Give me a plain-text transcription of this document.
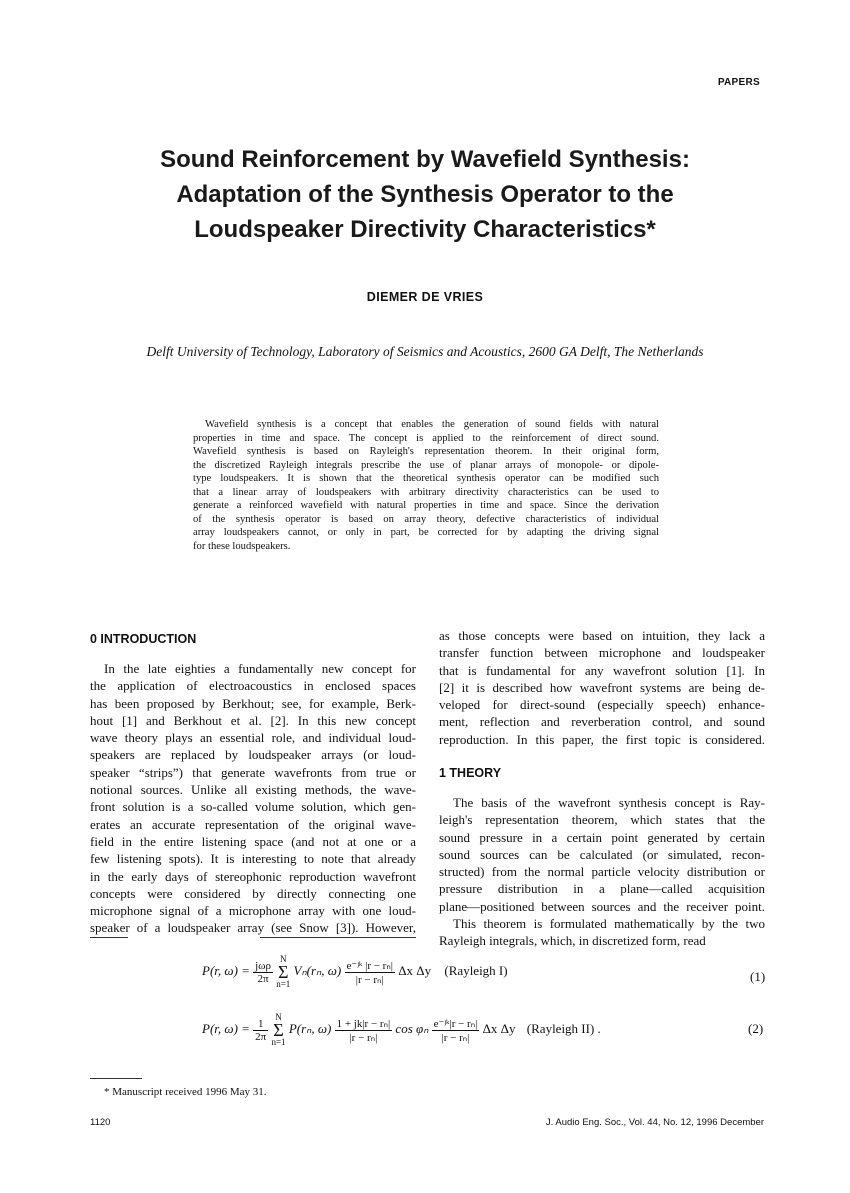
PAPERS
Sound Reinforcement by Wavefield Synthesis:
Adaptation of the Synthesis Operator to the
Loudspeaker Directivity Characteristics*
DIEMER DE VRIES
Delft University of Technology, Laboratory of Seismics and Acoustics, 2600 GA Delft, The Netherlands
Wavefield synthesis is a concept that enables the generation of sound fields with natural
properties in time and space. The concept is applied to the reinforcement of direct sound.
Wavefield synthesis is based on Rayleigh's representation theorem. In their original form,
the discretized Rayleigh integrals prescribe the use of planar arrays of monopole- or dipole-
type loudspeakers. It is shown that the theoretical synthesis operator can be modified such
that a linear array of loudspeakers with arbitrary directivity characteristics can be used to
generate a reinforced wavefield with natural properties in time and space. Since the derivation
of the synthesis operator is based on array theory, defective characteristics of individual
array loudspeakers cannot, or only in part, be corrected for by adapting the driving signal
for these loudspeakers.
0 INTRODUCTION
In the late eighties a fundamentally new concept for
the application of electroacoustics in enclosed spaces
has been proposed by Berkhout; see, for example, Berk-
hout [1] and Berkhout et al. [2]. In this new concept
wave theory plays an essential role, and individual loud-
speakers are replaced by loudspeaker arrays (or loud-
speaker “strips”) that generate wavefronts from true or
notional sources. Unlike all existing methods, the wave-
front solution is a so-called volume solution, which gen-
erates an accurate representation of the original wave-
field in the entire listening space (and not at one or a
few listening spots). It is interesting to note that already
in the early days of stereophonic reproduction wavefront
concepts were considered by directly connecting one
microphone signal of a microphone array with one loud-
speaker of a loudspeaker array (see Snow [3]). However,
as those concepts were based on intuition, they lack a
transfer function between microphone and loudspeaker
that is fundamental for any wavefront solution [1]. In
[2] it is described how wavefront systems are being de-
veloped for direct-sound (especially speech) enhance-
ment, reflection and reverberation control, and sound
reproduction. In this paper, the first topic is considered.
1 THEORY
The basis of the wavefront synthesis concept is Ray-
leigh's representation theorem, which states that the
sound pressure in a certain point generated by certain
sound sources can be calculated (or simulated, recon-
structed) from the normal particle velocity distribution or
pressure distribution in a plane—called acquisition
plane—positioned between sources and the receiver point.
This theorem is formulated mathematically by the two
Rayleigh integrals, which, in discretized form, read
P(r, $\omega) = \frac{\text{jωρ}}{2\pi}$
N
Σ
n=1 Vₙ(rₙ, $\omega) \frac{\text{e⁻ʲᵏ |r − rₙ|}}{\text{|r − rₙ|}}$ Δx Δy (Rayleigh I)	(1)
P(r, $\omega) = \frac{1}{2\pi}$
N
Σ
n=1 P(rₙ, $\omega) \frac{\text{1 + jk|r − rₙ|}}{\text{|r − rₙ|}}$ cos φₙ $\frac{\text{e⁻ʲᵏ|r − rₙ|}}{\text{|r − rₙ|}}$ Δx Δy (Rayleigh II) .	(2)
* Manuscript received 1996 May 31.
1120	J. Audio Eng. Soc., Vol. 44, No. 12, 1996 December
